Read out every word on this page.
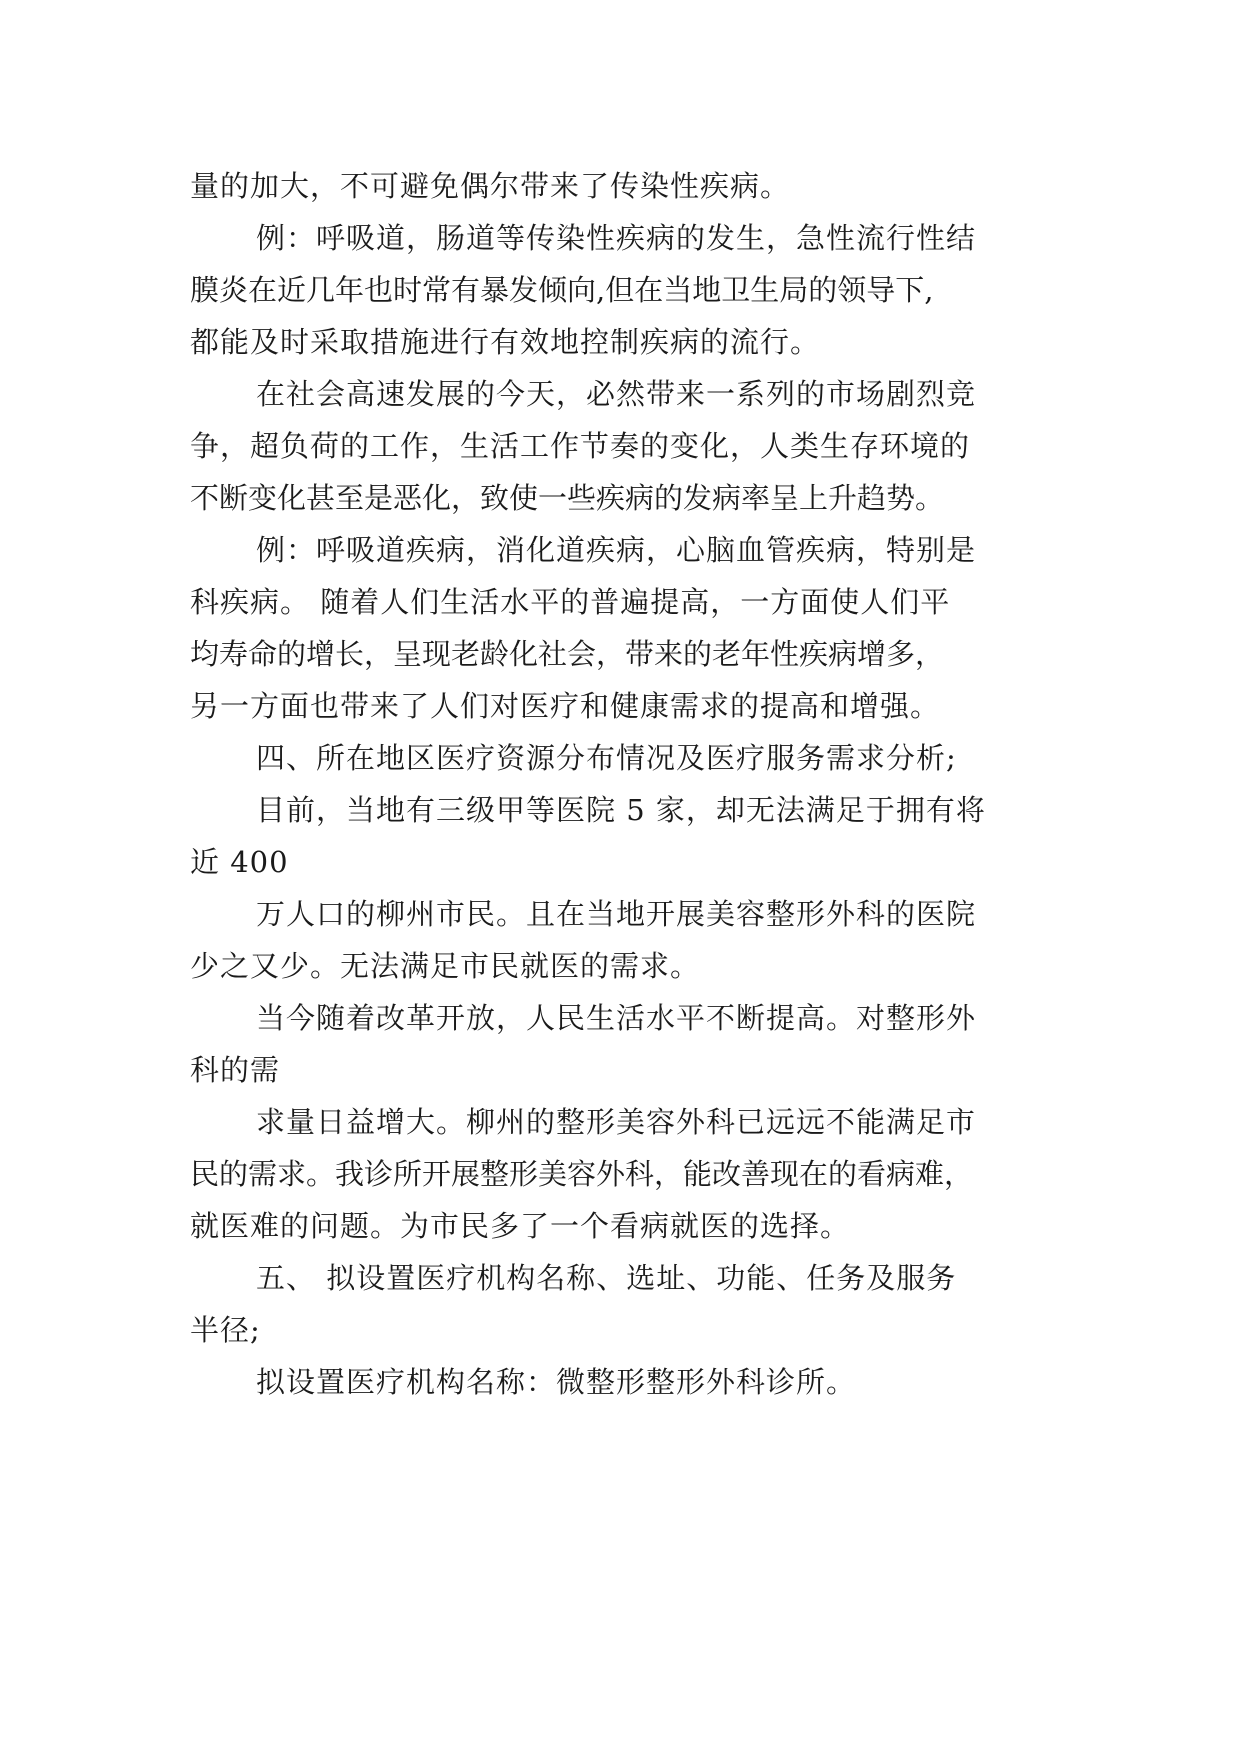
量的加大，不可避免偶尔带来了传染性疾病。
例：呼吸道，肠道等传染性疾病的发生，急性流行性结
膜炎在近几年也时常有暴发倾向,但在当地卫生局的领导下,
都能及时采取措施进行有效地控制疾病的流行。
在社会高速发展的今天，必然带来一系列的市场剧烈竞
争，超负荷的工作，生活工作节奏的变化，人类生存环境的
不断变化甚至是恶化，致使一些疾病的发病率呈上升趋势。
例：呼吸道疾病，消化道疾病，心脑血管疾病，特别是
科疾病。 随着人们生活水平的普遍提高，一方面使人们平
均寿命的增长，呈现老龄化社会，带来的老年性疾病增多，
另一方面也带来了人们对医疗和健康需求的提高和增强。
四、所在地区医疗资源分布情况及医疗服务需求分析;
目前，当地有三级甲等医院 5 家，却无法满足于拥有将
近 400
万人口的柳州市民。且在当地开展美容整形外科的医院
少之又少。无法满足市民就医的需求。
当今随着改革开放，人民生活水平不断提高。对整形外
科的需
求量日益增大。柳州的整形美容外科已远远不能满足市
民的需求。我诊所开展整形美容外科，能改善现在的看病难，
就医难的问题。为市民多了一个看病就医的选择。
五、 拟设置医疗机构名称、选址、功能、任务及服务
半径;
拟设置医疗机构名称：微整形整形外科诊所。
